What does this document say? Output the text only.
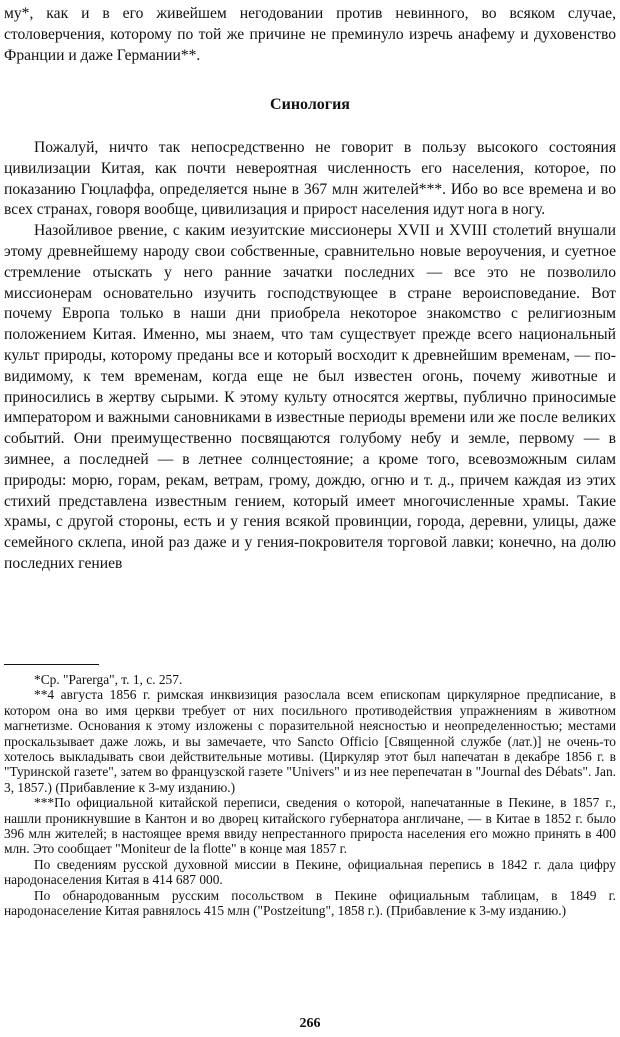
му*, как и в его живейшем негодовании против невинного, во всяком случае, столоверчения, которому по той же причине не преминуло изречь анафему и духовенство Франции и даже Германии**.
Синология

Пожалуй, ничто так непосредственно не говорит в пользу высокого состояния цивилизации Китая, как почти невероятная численность его населения, которое, по показанию Гюцлаффа, определяется ныне в 367 млн жителей***. Ибо во все времена и во всех странах, говоря вообще, цивилизация и прирост населения идут нога в ногу.

Назойливое рвение, с каким иезуитские миссионеры XVII и XVIII столетий внушали этому древнейшему народу свои собственные, сравнительно новые вероучения, и суетное стремление отыскать у него ранние зачатки последних — все это не позволило миссионерам основательно изучить господствующее в стране вероисповедание. Вот почему Европа только в наши дни приобрела некоторое знакомство с религиозным положением Китая. Именно, мы знаем, что там существует прежде всего национальный культ природы, которому преданы все и который восходит к древнейшим временам, — по-видимому, к тем временам, когда еще не был известен огонь, почему животные и приносились в жертву сырыми. К этому культу относятся жертвы, публично приносимые императором и важными сановниками в известные периоды времени или же после великих событий. Они преимущественно посвящаются голубому небу и земле, первому — в зимнее, а последней — в летнее солнцестояние; а кроме того, всевозможным силам природы: морю, горам, рекам, ветрам, грому, дождю, огню и т. д., причем каждая из этих стихий представлена известным гением, который имеет многочисленные храмы. Такие храмы, с другой стороны, есть и у гения всякой провинции, города, деревни, улицы, даже семейного склепа, иной раз даже и у гения-покровителя торговой лавки; конечно, на долю последних гениев

*Ср. "Parerga", т. 1, с. 257.

**4 августа 1856 г. римская инквизиция разослала всем епископам циркулярное предписание, в котором она во имя церкви требует от них посильного противодействия упражнениям в животном магнетизме. Основания к этому изложены с поразительной неясностью и неопределенностью; местами проскальзывает даже ложь, и вы замечаете, что Sancto Officio [Священной службе (лат.)] не очень-то хотелось выкладывать свои действительные мотивы. (Циркуляр этот был напечатан в декабре 1856 г. в "Туринской газете", затем во французской газете "Univers" и из нее перепечатан в "Journal des Débats". Jan. 3, 1857.) (Прибавление к 3-му изданию.)

***По официальной китайской переписи, сведения о которой, напечатанные в Пекине, в 1857 г., нашли проникнувшие в Кантон и во дворец китайского губернатора англичане, — в Китае в 1852 г. было 396 млн жителей; в настоящее время ввиду непрестанного прироста населения его можно принять в 400 млн. Это сообщает "Moniteur de la flotte" в конце мая 1857 г.

По сведениям русской духовной миссии в Пекине, официальная перепись в 1842 г. дала цифру народонаселения Китая в 414 687 000.

По обнародованным русским посольством в Пекине официальным таблицам, в 1849 г. народонаселение Китая равнялось 415 млн ("Postzeitung", 1858 г.). (Прибавление к 3-му изданию.)

266
